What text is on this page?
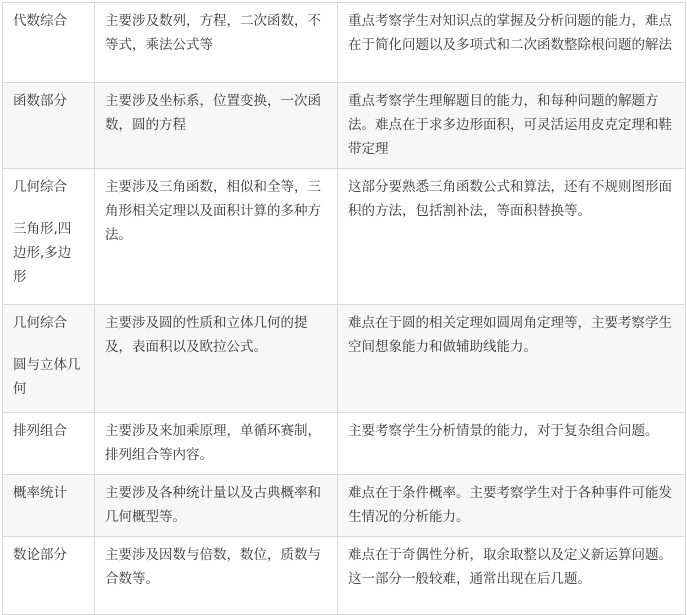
代数综合	主要涉及数列，方程，二次函数，不等式，乘法公式等	重点考察学生对知识点的掌握及分析问题的能力，难点在于简化问题以及多项式和二次函数整除根问题的解法

函数部分	主要涉及坐标系，位置变换，一次函数，圆的方程	重点考察学生理解题目的能力，和每种问题的解题方法。难点在于求多边形面积，可灵活运用皮克定理和鞋带定理

几何综合
三角形,四边形,多边形	主要涉及三角函数，相似和全等，三角形相关定理以及面积计算的多种方法。	这部分要熟悉三角函数公式和算法，还有不规则图形面积的方法，包括割补法，等面积替换等。

几何综合
圆与立体几何	主要涉及圆的性质和立体几何的提及，表面积以及欧拉公式。	难点在于圆的相关定理如圆周角定理等，主要考察学生空间想象能力和做辅助线能力。

排列组合	主要涉及来加乘原理，单循环赛制，排列组合等内容。	主要考察学生分析情景的能力，对于复杂组合问题。

概率统计	主要涉及各种统计量以及古典概率和几何概型等。	难点在于条件概率。主要考察学生对于各种事件可能发生情况的分析能力。

数论部分	主要涉及因数与倍数，数位，质数与合数等。	难点在于奇偶性分析，取余取整以及定义新运算问题。这一部分一般较难，通常出现在后几题。
